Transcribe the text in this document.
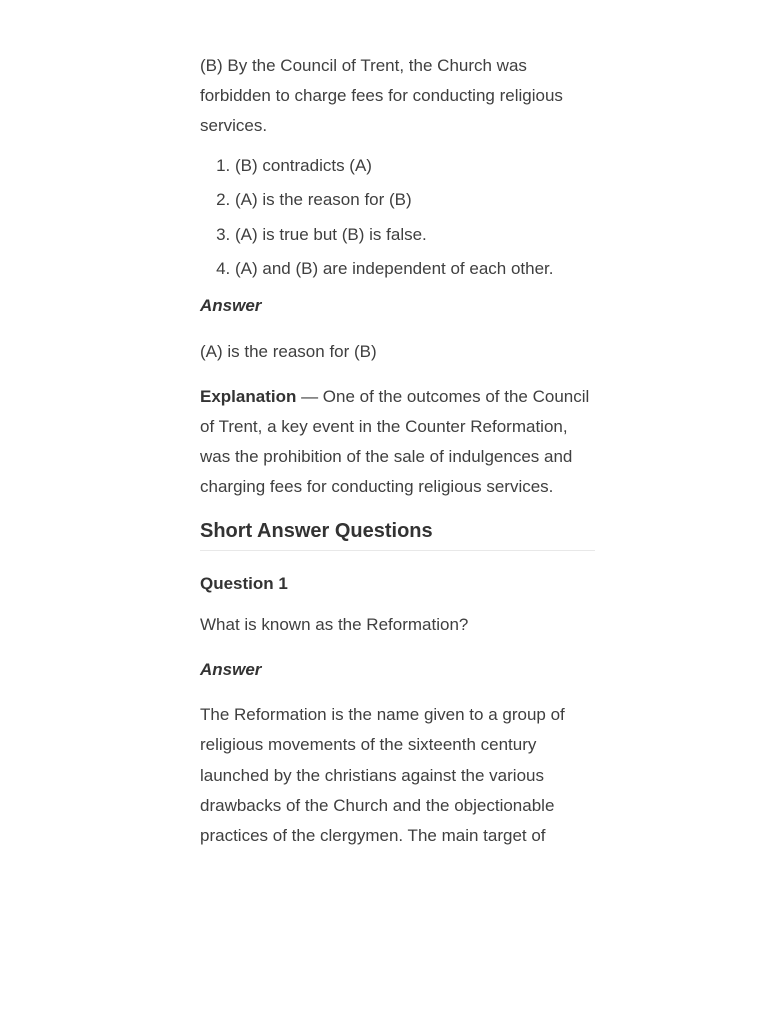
(B) By the Council of Trent, the Church was forbidden to charge fees for conducting religious services.

1. (B) contradicts (A)
2. (A) is the reason for (B)
3. (A) is true but (B) is false.
4. (A) and (B) are independent of each other.

Answer

(A) is the reason for (B)

Explanation — One of the outcomes of the Council of Trent, a key event in the Counter Reformation, was the prohibition of the sale of indulgences and charging fees for conducting religious services.

Short Answer Questions

Question 1

What is known as the Reformation?

Answer

The Reformation is the name given to a group of religious movements of the sixteenth century launched by the christians against the various drawbacks of the Church and the objectionable practices of the clergymen. The main target of
